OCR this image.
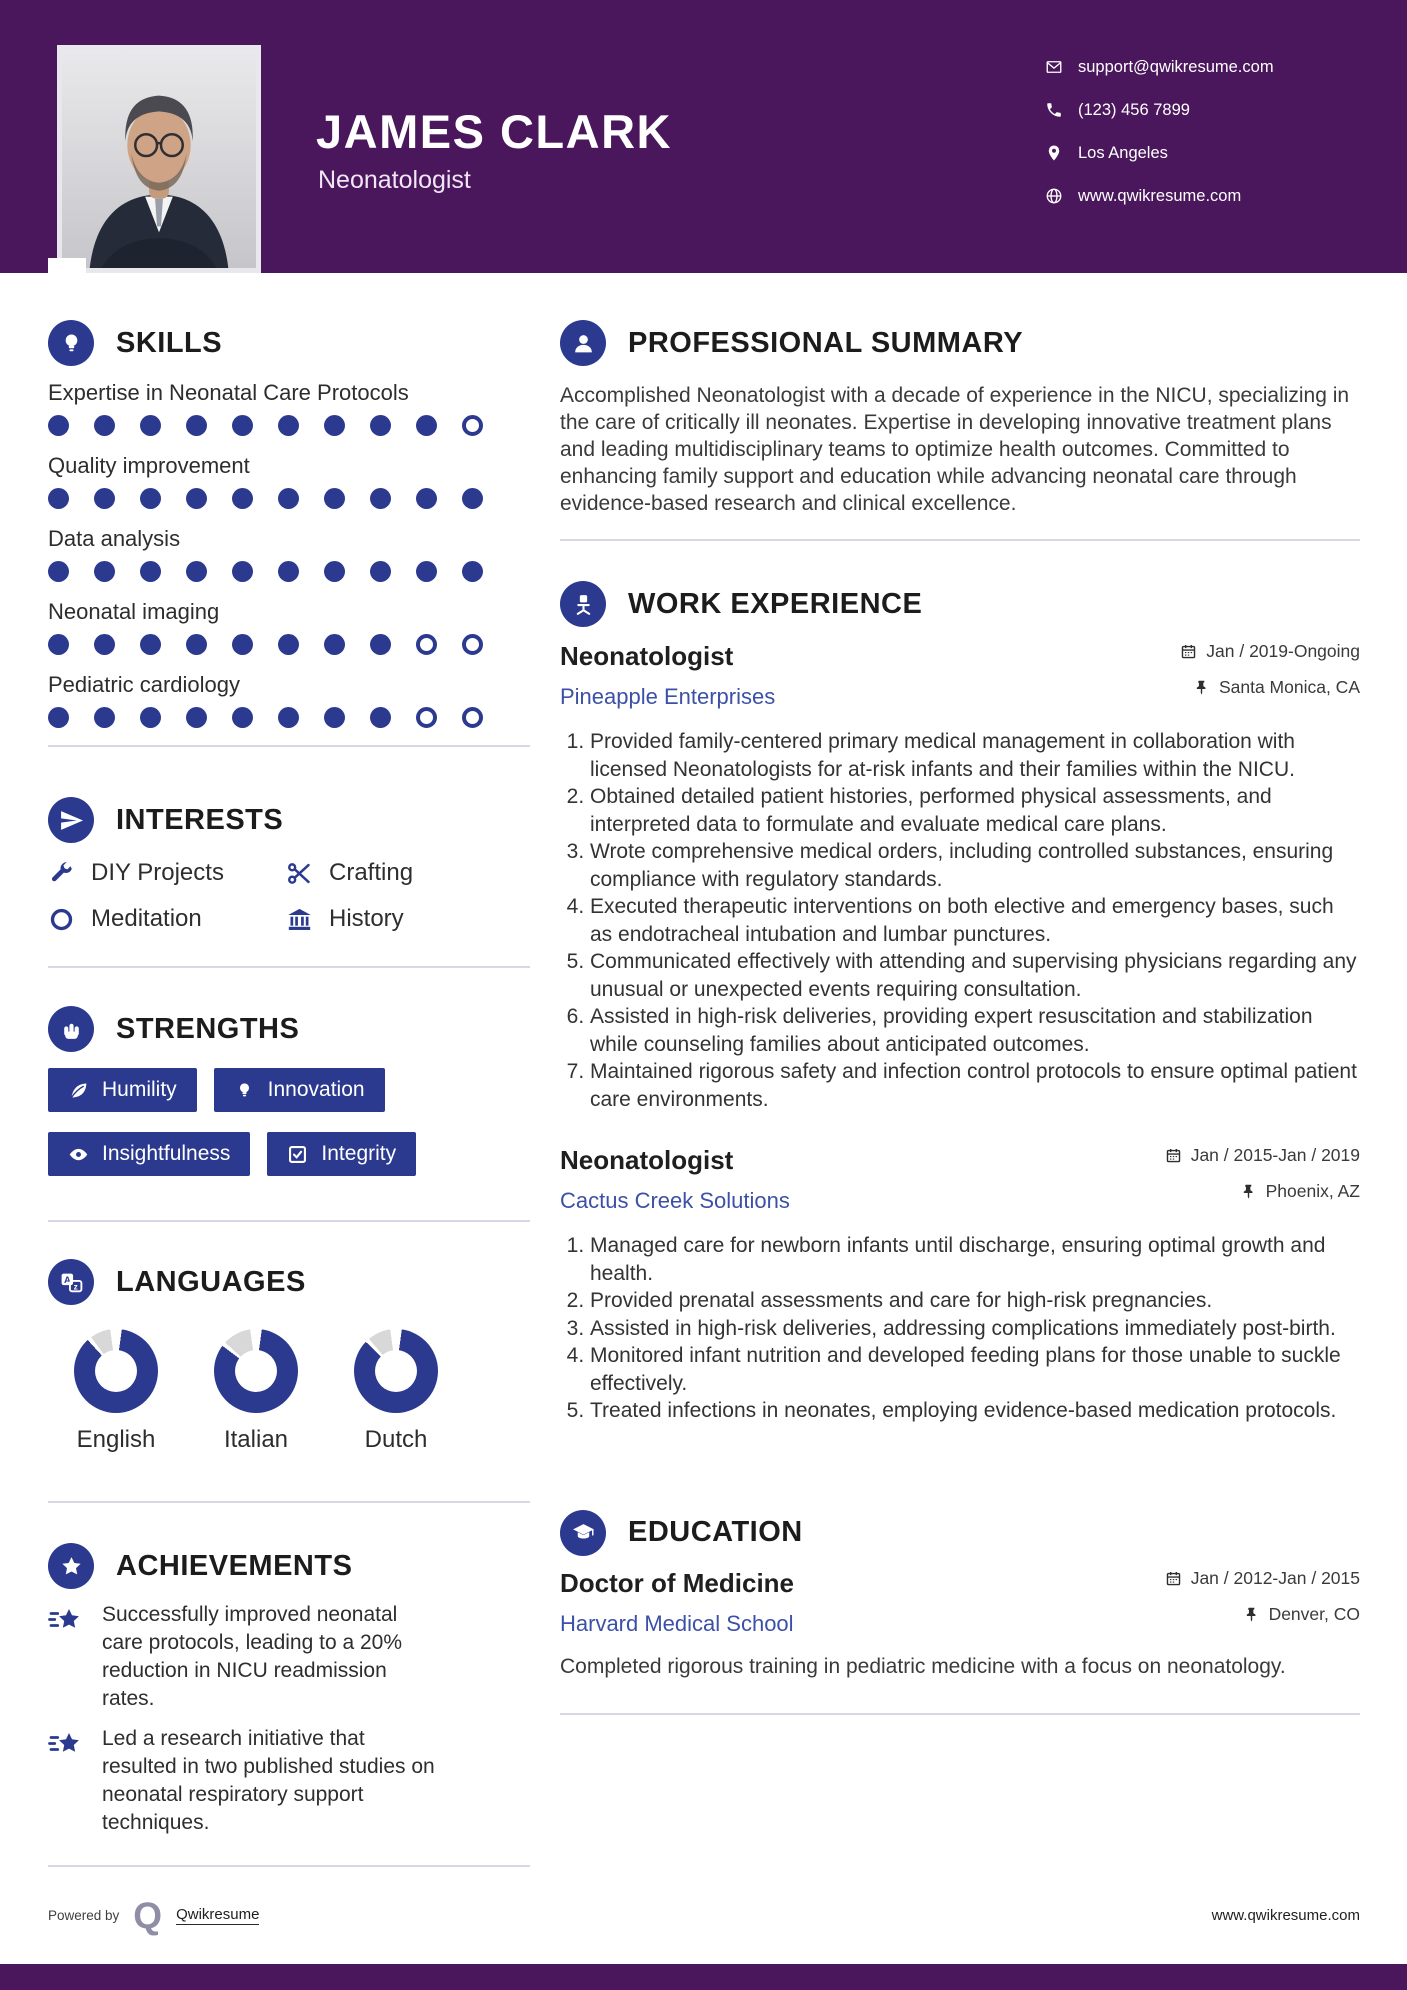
JAMES CLARK
Neonatologist
support@qwikresume.com
(123) 456 7899
Los Angeles
www.qwikresume.com
SKILLS
Expertise in Neonatal Care Protocols
Quality improvement
Data analysis
Neonatal imaging
Pediatric cardiology
INTERESTS
DIY Projects	Crafting
Meditation	History
STRENGTHS
Humility	Innovation
Insightfulness	Integrity
A
z LANGUAGES
English	Italian	Dutch
ACHIEVEMENTS
Successfully improved neonatal care protocols, leading to a 20% reduction in NICU readmission rates.
Led a research initiative that resulted in two published studies on neonatal respiratory support techniques.
PROFESSIONAL SUMMARY

Accomplished Neonatologist with a decade of experience in the NICU, specializing in the care of critically ill neonates. Expertise in developing innovative treatment plans and leading multidisciplinary teams to optimize health outcomes. Committed to enhancing family support and education while advancing neonatal care through evidence-based research and clinical excellence.

WORK EXPERIENCE
Neonatologist
Pineapple Enterprises
Jan / 2019-Ongoing
Santa Monica, CA
1. Provided family-centered primary medical management in collaboration with licensed Neonatologists for at-risk infants and their families within the NICU.
2. Obtained detailed patient histories, performed physical assessments, and interpreted data to formulate and evaluate medical care plans.
3. Wrote comprehensive medical orders, including controlled substances, ensuring compliance with regulatory standards.
4. Executed therapeutic interventions on both elective and emergency bases, such as endotracheal intubation and lumbar punctures.
5. Communicated effectively with attending and supervising physicians regarding any unusual or unexpected events requiring consultation.
6. Assisted in high-risk deliveries, providing expert resuscitation and stabilization while counseling families about anticipated outcomes.
7. Maintained rigorous safety and infection control protocols to ensure optimal patient care environments.
Neonatologist
Cactus Creek Solutions
Jan / 2015-Jan / 2019
Phoenix, AZ
1. Managed care for newborn infants until discharge, ensuring optimal growth and health.
2. Provided prenatal assessments and care for high-risk pregnancies.
3. Assisted in high-risk deliveries, addressing complications immediately post-birth.
4. Monitored infant nutrition and developed feeding plans for those unable to suckle effectively.
5. Treated infections in neonates, employing evidence-based medication protocols.
EDUCATION
Doctor of Medicine
Harvard Medical School
Jan / 2012-Jan / 2015
Denver, CO

Completed rigorous training in pediatric medicine with a focus on neonatology.

Powered by Q Qwikresume	www.qwikresume.com
